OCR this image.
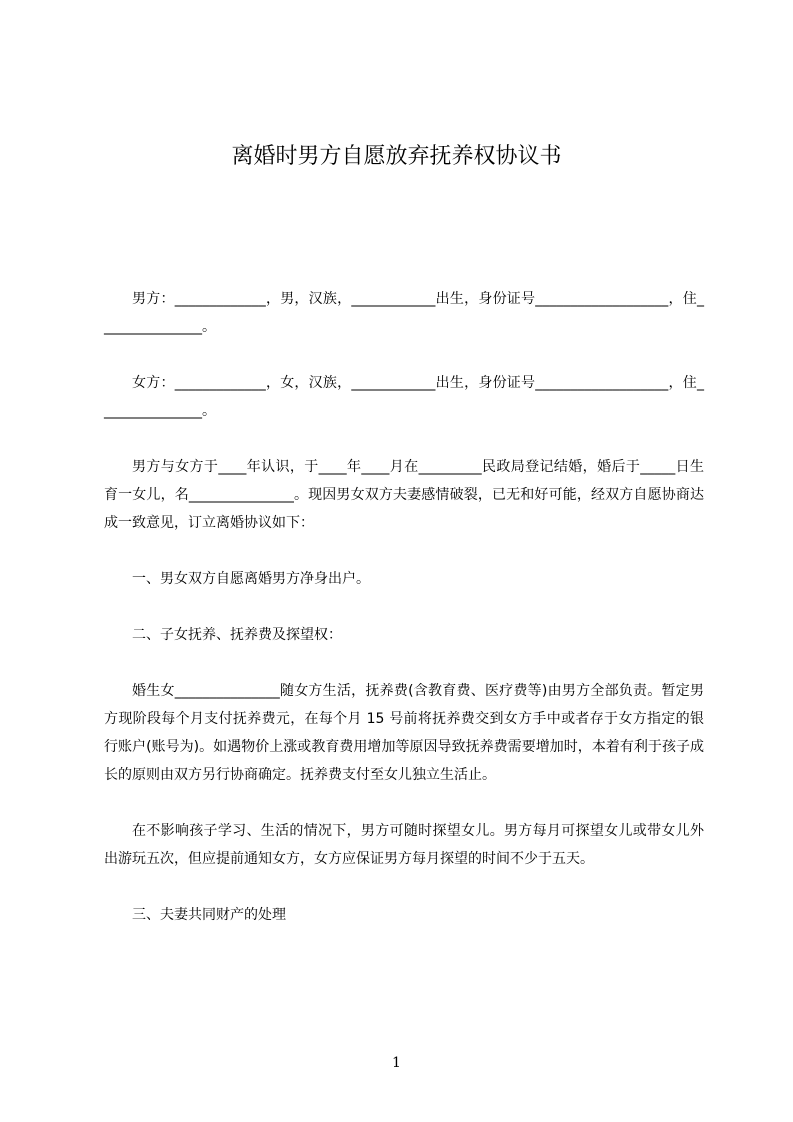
离婚时男方自愿放弃抚养权协议书

男方：_____________，男，汉族，____________出生，身份证号___________________，住_______________。

女方：_____________，女，汉族，____________出生，身份证号___________________，住_______________。

男方与女方于____年认识，于____年____月在_________民政局登记结婚，婚后于_____日生育一女儿，名_______________。现因男女双方夫妻感情破裂，已无和好可能，经双方自愿协商达成一致意见，订立离婚协议如下：

一、男女双方自愿离婚男方净身出户。

二、子女抚养、抚养费及探望权：

婚生女_______________随女方生活，抚养费(含教育费、医疗费等)由男方全部负责。暂定男方现阶段每个月支付抚养费元，在每个月 15 号前将抚养费交到女方手中或者存于女方指定的银行账户(账号为)。如遇物价上涨或教育费用增加等原因导致抚养费需要增加时，本着有利于孩子成长的原则由双方另行协商确定。抚养费支付至女儿独立生活止。

在不影响孩子学习、生活的情况下，男方可随时探望女儿。男方每月可探望女儿或带女儿外出游玩五次，但应提前通知女方，女方应保证男方每月探望的时间不少于五天。

三、夫妻共同财产的处理

1
